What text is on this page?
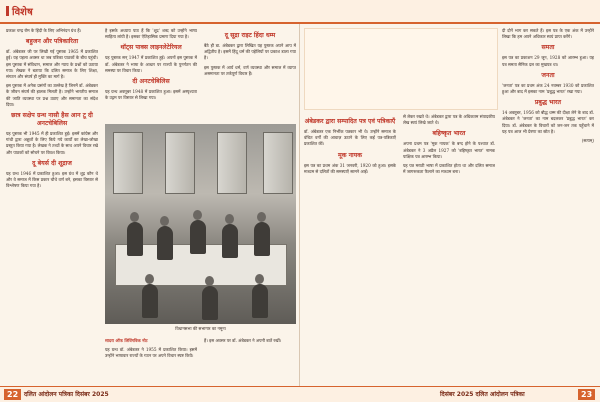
विशेष

प्रकाश चन्द्र रोम के हिंदी के लिए अभिनंदन ग्रंथ हैं।

बहुजन और पत्रिकारिता

डॉ. अंबेडकर जी पर लिखी गई पुस्तक 1965 में प्रकाशित हुई। यह पहला अवसर था जब पत्रिका पाठकों के बीच पहुंची। इस पुस्तक में संविधान, समाज और न्याय के प्रश्नों को उठाया गया। लेखक ने बताया कि दलित समाज के लिए शिक्षा, संगठन और संघर्ष ही मुक्ति का मार्ग है।

इस पुस्तक में अनेक प्रसंगों का उल्लेख है जिनमें डॉ. अंबेडकर के जीवन संघर्ष की झलक मिलती है। उन्होंने भारतीय समाज की जाति व्यवस्था पर प्रश्न उठाए और समानता का संदेश दिया।

छात्र सक्षेप ग्रन्थ नासौ हैस आन टू दी अनटचेबिलिस

यह पुस्तक भी 1945 में ही प्रकाशित हुई। इसमें कांग्रेस और गांधी द्वारा अछूतों के लिए किये गये कार्यों का लेखा-जोखा प्रस्तुत किया गया है। लेखक ने तथ्यों के साथ अपने विचार रखे और पाठकों को सोचने पर विवश किया।

दू बेयर्स दी शूद्राज

यह ग्रन्थ 1946 में प्रकाशित हुआ। इस ग्रंथ में शूद्र कौन थे और वे समाज में किस प्रकार चौथे वर्ण बने, इसका विस्तार से विश्लेषण किया गया है।

है इसके अध्याय पाठ हैं कि 'शूद्र' शब्द को उन्होंने भाष्य साहित्य लांघी है। इसका ऐतिहासिक प्रमाण दिया गया है।

थॉट्स पाक्स लाइनलेटेरियल

यह पुस्तक सन् 1947 में प्रकाशित हुई। अपनों इस पुस्तक में डॉ. अंबेडकर ने भाषा के आधार पर राज्यों के पुनर्गठन की समस्या पर विचार किया।

दी अनटचेबिलिस

यह ग्रन्थ अक्तूबर 1948 में प्रकाशित हुआ। इसमें अस्पृश्यता के उद्गम पर विस्तार से लिखा गया।

दू सूद्रा राइट हिंदा धम्म

बैठे ही डा. अंबेडकर द्वारा लिखित यह पुस्तक अपने आप में अद्वितीय है। इसमें हिंदू धर्म की पहेलियों पर प्रकाश डाला गया है।

इस पुस्तक में आर्य धर्म, वर्ण व्यवस्था और समाज में व्याप्त असमानता पर तर्कपूर्ण विचार हैं।

विधानसभा की सभागार का नमूना

सादरा ऑफ लिविंगविक नोट

यह ग्रन्थ डॉ. अंबेडकर ने 1955 में प्रकाशित किया। इसमें उन्होंने भाषावार राज्यों के गठन पर अपने विचार स्पष्ट किये।

हैं। इस अवसर पर डॉ. अंबेडकर ने अपनी बातें रखीं।

अंबेडकर द्वारा सम्पादित पत्र एवं पत्रिकाएँ

डॉ. अंबेडकर एक निर्भीक पत्रकार भी थे। उन्होंने समाज के वंचित वर्गों की आवाज़ उठाने के लिए कई पत्र-पत्रिकाएँ प्रकाशित कीं।

मूक नायक

इस पत्र का प्रथम अंक 31 जनवरी, 1920 को हुआ। इसके माध्यम से दलितों की समस्याएँ सामने आईं।

से लेकर रखते थे। अंबेडकर द्वारा पत्र के अधिकतम संपादकीय लेख स्वयं लिखे जाते थे।

बहिष्कृत भारत

अपना प्रथम पत्र 'मूक नायक' के बन्द होने के पश्चात डॉ. अंबेडकर ने 3 अप्रैल 1927 को 'बहिष्कृत भारत' नामक पाक्षिक पत्र आरम्भ किया।

यह पत्र मराठी भाषा में प्रकाशित होता था और दलित समाज में जागरूकता फैलाने का माध्यम बना।

दी दोनें भाग कर सकते हैं। इस पत्र के एक अंक में उन्होंने लिखा कि हम अपने अधिकार स्वयं प्राप्त करेंगे।

समता

इस पत्र का प्रकाशन 29 जून, 1928 को आरम्भ हुआ। यह पत्र समता सैनिक दल का मुखपत्र था।

जनता

'जनता' पत्र का प्रथम अंक 24 नवम्बर 1930 को प्रकाशित हुआ और बाद में इसका नाम 'प्रबुद्ध भारत' रखा गया।

प्रबुद्ध भारत

14 अक्तूबर, 1956 को बौद्ध धम्म की दीक्षा लेने के बाद डॉ. अंबेडकर ने 'जनता' का नाम बदलकर 'प्रबुद्ध भारत' कर दिया। डॉ. अंबेडकर के विचारों को जन-जन तक पहुँचाने में यह पत्र आज भी प्रेरणा का स्रोत है।

(सत्यम्)

22 दलित आंदोलन पत्रिका दिसंबर 2025	दिसंबर 2025 दलित आंदोलन पत्रिका	23
